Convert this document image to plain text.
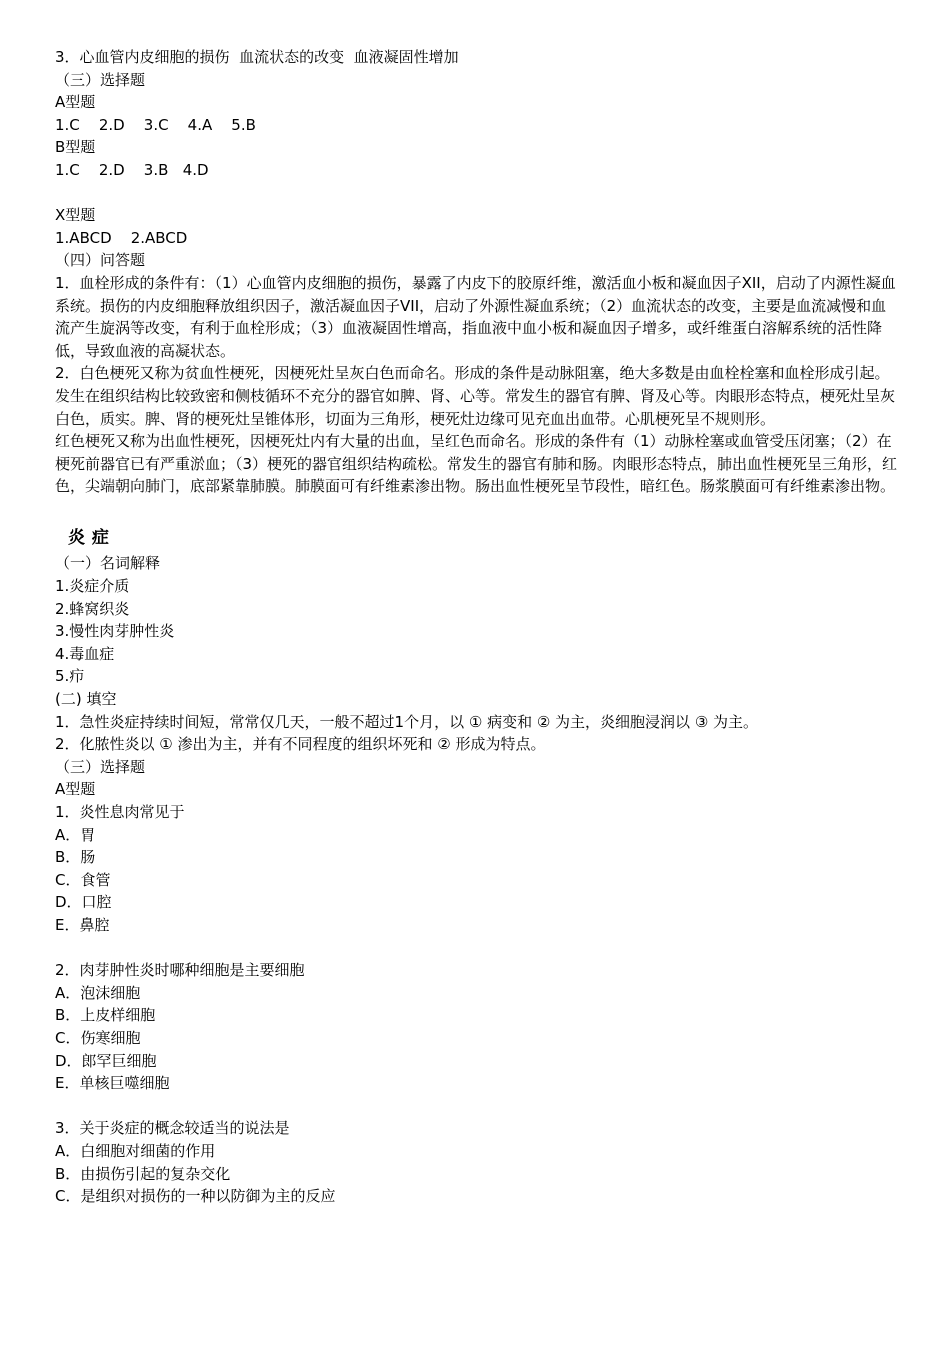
3．心血管内皮细胞的损伤  血流状态的改变  血液凝固性增加

（三）选择题

A型题

1.C    2.D    3.C    4.A    5.B

B型题

1.C    2.D    3.B   4.D

X型题

1.ABCD    2.ABCD

（四）问答题

1．血栓形成的条件有：（1）心血管内皮细胞的损伤，暴露了内皮下的胶原纤维，激活血小板和凝血因子XII，启动了内源性凝血系统。损伤的内皮细胞释放组织因子，激活凝血因子VII，启动了外源性凝血系统；（2）血流状态的改变，主要是血流减慢和血流产生旋涡等改变，有利于血栓形成；（3）血液凝固性增高，指血液中血小板和凝血因子增多，或纤维蛋白溶解系统的活性降低，导致血液的高凝状态。

2．白色梗死又称为贫血性梗死，因梗死灶呈灰白色而命名。形成的条件是动脉阻塞，绝大多数是由血栓栓塞和血栓形成引起。发生在组织结构比较致密和侧枝循环不充分的器官如脾、肾、心等。常发生的器官有脾、肾及心等。肉眼形态特点，梗死灶呈灰白色，质实。脾、肾的梗死灶呈锥体形，切面为三角形，梗死灶边缘可见充血出血带。心肌梗死呈不规则形。

红色梗死又称为出血性梗死，因梗死灶内有大量的出血，呈红色而命名。形成的条件有（1）动脉栓塞或血管受压闭塞；（2）在梗死前器官已有严重淤血；（3）梗死的器官组织结构疏松。常发生的器官有肺和肠。肉眼形态特点，肺出血性梗死呈三角形，红色，尖端朝向肺门，底部紧靠肺膜。肺膜面可有纤维素渗出物。肠出血性梗死呈节段性，暗红色。肠浆膜面可有纤维素渗出物。

炎 症

（一）名词解释

1.炎症介质

2.蜂窝织炎

3.慢性肉芽肿性炎

4.毒血症

5.疖

(二) 填空

1．急性炎症持续时间短，常常仅几天，一般不超过1个月，以 ① 病变和 ② 为主，炎细胞浸润以 ③ 为主。

2．化脓性炎以 ① 渗出为主，并有不同程度的组织坏死和 ② 形成为特点。

（三）选择题

A型题

1．炎性息肉常见于

A．胃

B．肠

C．食管

D．口腔

E．鼻腔

2．肉芽肿性炎时哪种细胞是主要细胞

A．泡沫细胞

B．上皮样细胞

C．伤寒细胞

D．郎罕巨细胞

E．单核巨噬细胞

3．关于炎症的概念较适当的说法是

A．白细胞对细菌的作用

B．由损伤引起的复杂交化

C．是组织对损伤的一种以防御为主的反应
